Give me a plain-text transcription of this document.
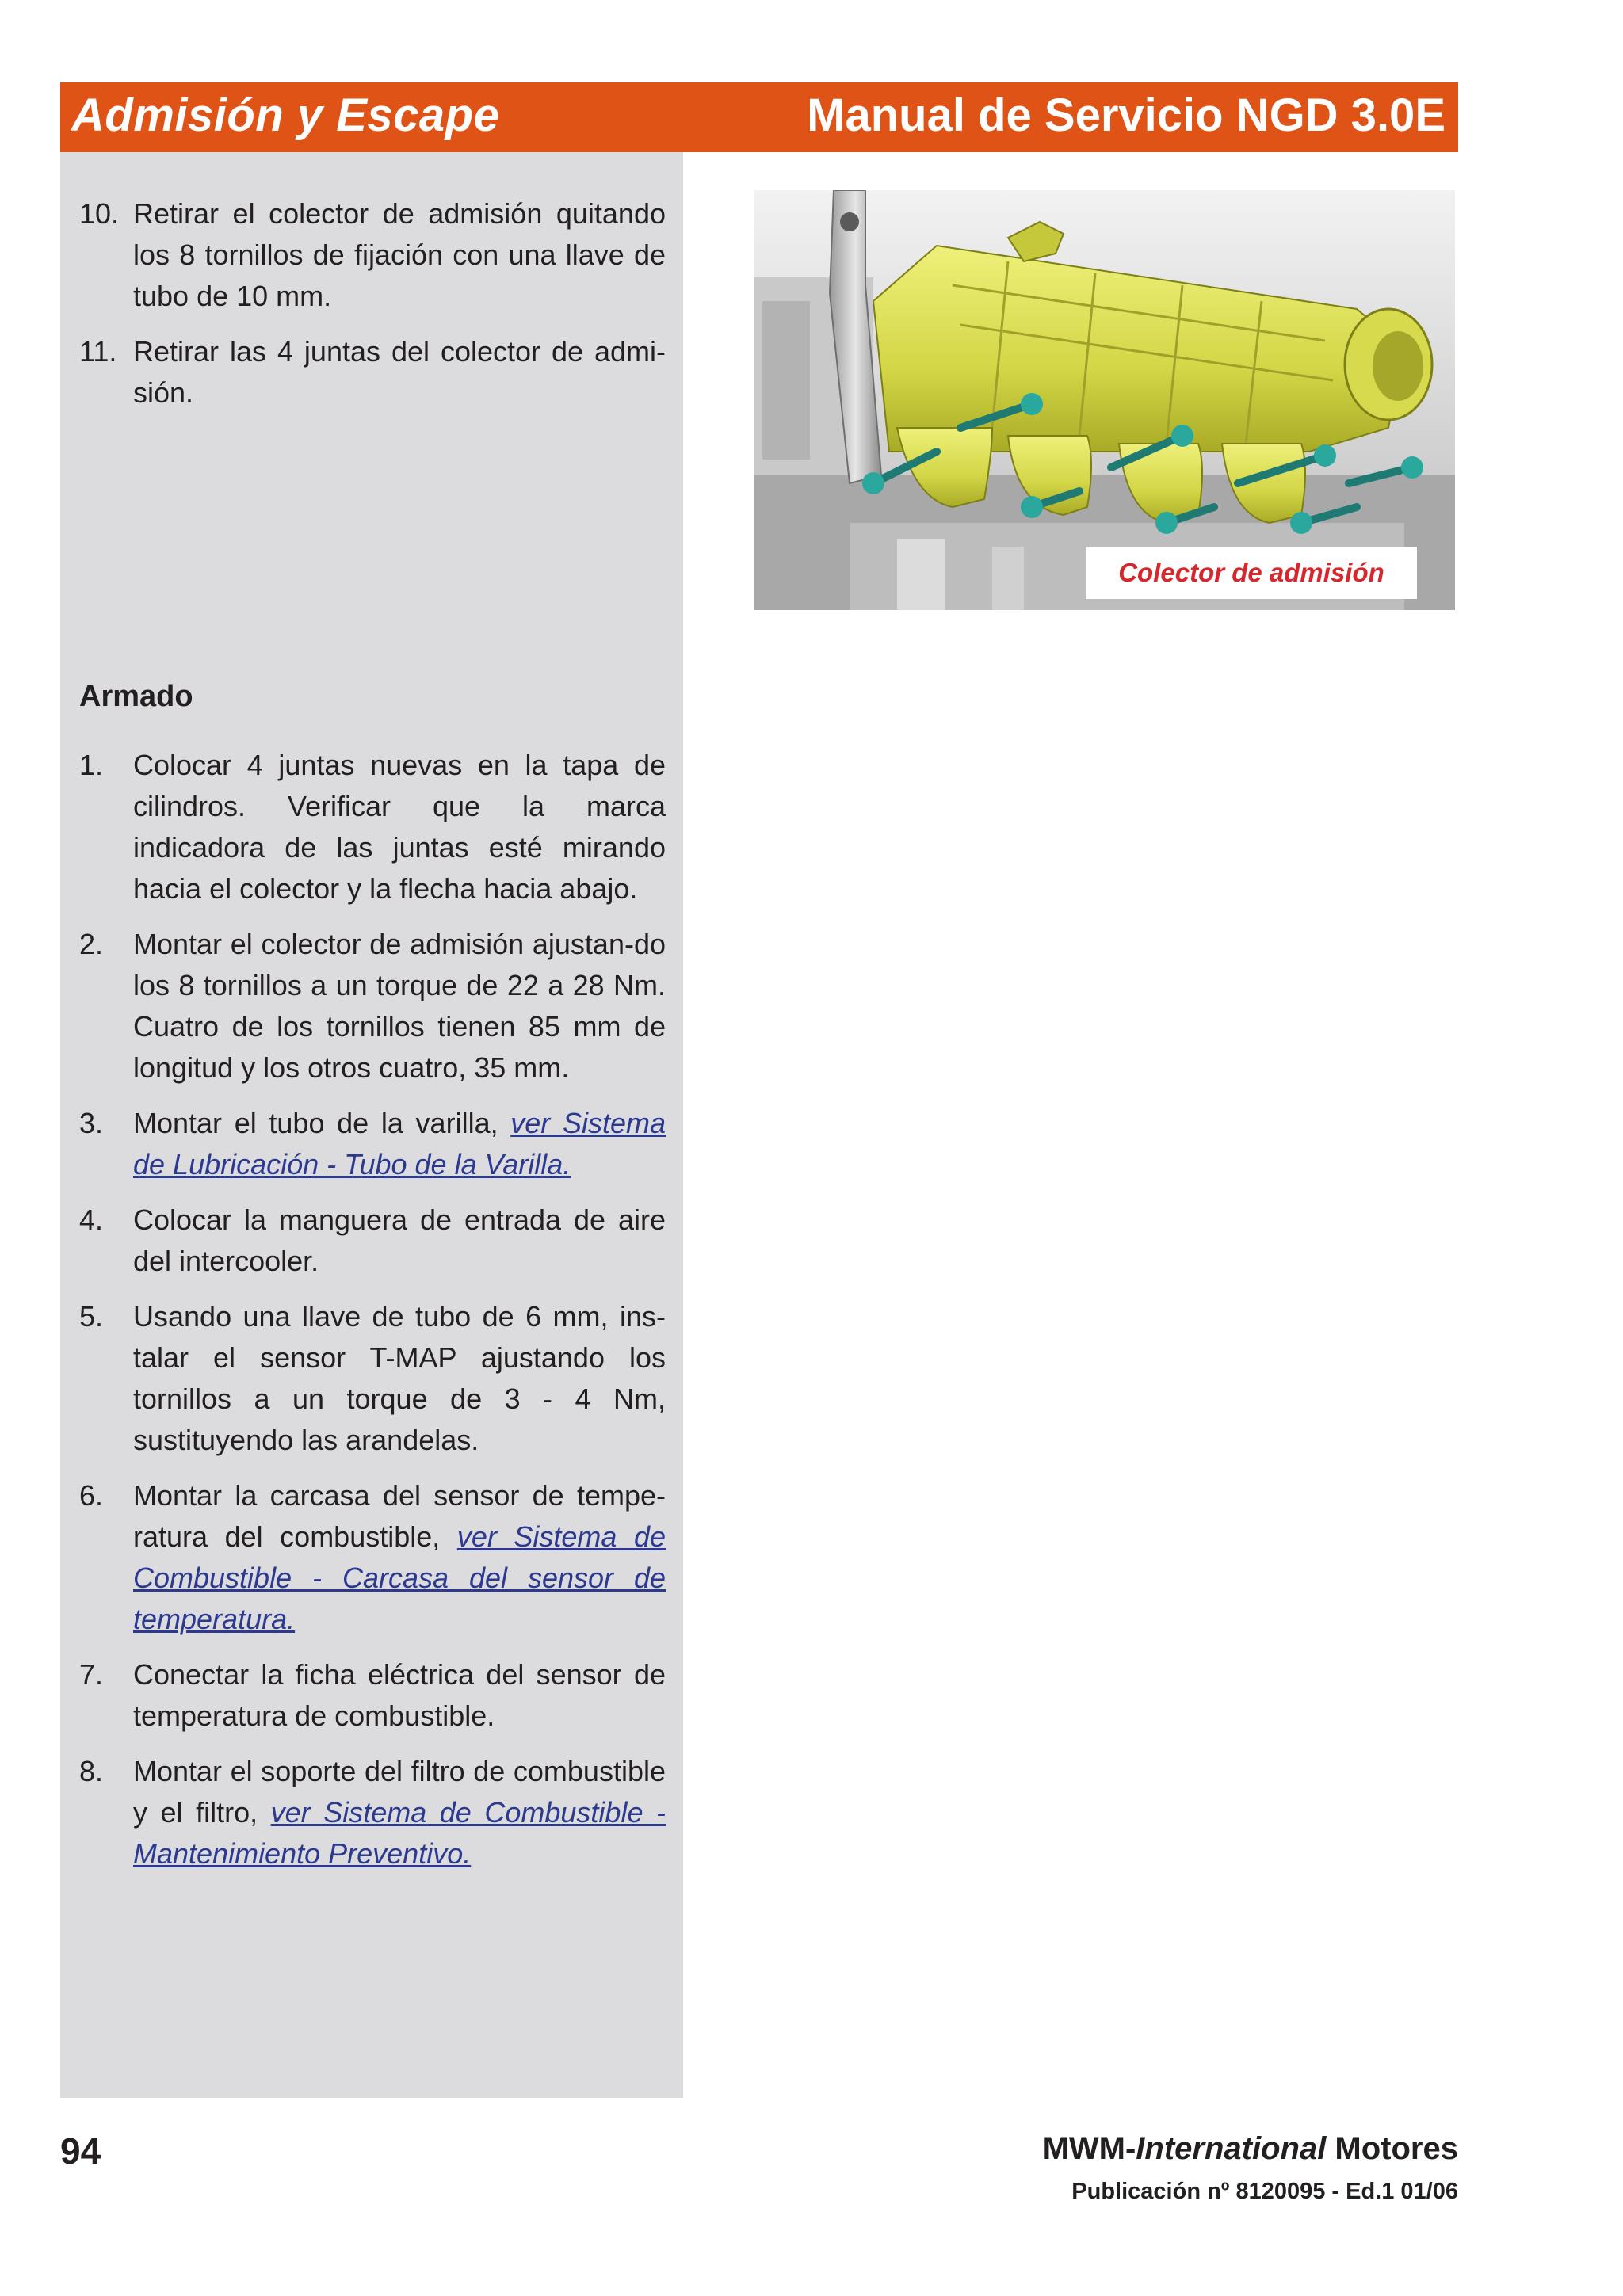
Admisión y Escape	Manual de Servicio NGD 3.0E
10. Retirar el colector de admisión quitando los 8 tornillos de fijación con una llave de tubo de 10 mm.
11. Retirar las 4 juntas del colector de admi-sión.
Armado
1. Colocar 4 juntas nuevas en la tapa de cilindros. Verificar que la marca indicadora de las juntas esté mirando hacia el colector y la flecha hacia abajo.
2. Montar el colector de admisión ajustan-do los 8 tornillos a un torque de 22 a 28 Nm. Cuatro de los tornillos tienen 85 mm de longitud y los otros cuatro, 35 mm.
3. Montar el tubo de la varilla, ver Sistema de Lubricación - Tubo de la Varilla.
4. Colocar la manguera de entrada de aire del intercooler.
5. Usando una llave de tubo de 6 mm, ins-talar el sensor T-MAP ajustando los tornillos a un torque de 3 - 4 Nm, sustituyendo las arandelas.
6. Montar la carcasa del sensor de tempe-ratura del combustible, ver Sistema de Combustible - Carcasa del sensor de temperatura.
7. Conectar la ficha eléctrica del sensor de temperatura de combustible.
8. Montar el soporte del filtro de combustible y el filtro, ver Sistema de Combustible - Mantenimiento Preventivo.
Colector de admisión
94	MWM-International Motores
Publicación nº 8120095 - Ed.1 01/06
